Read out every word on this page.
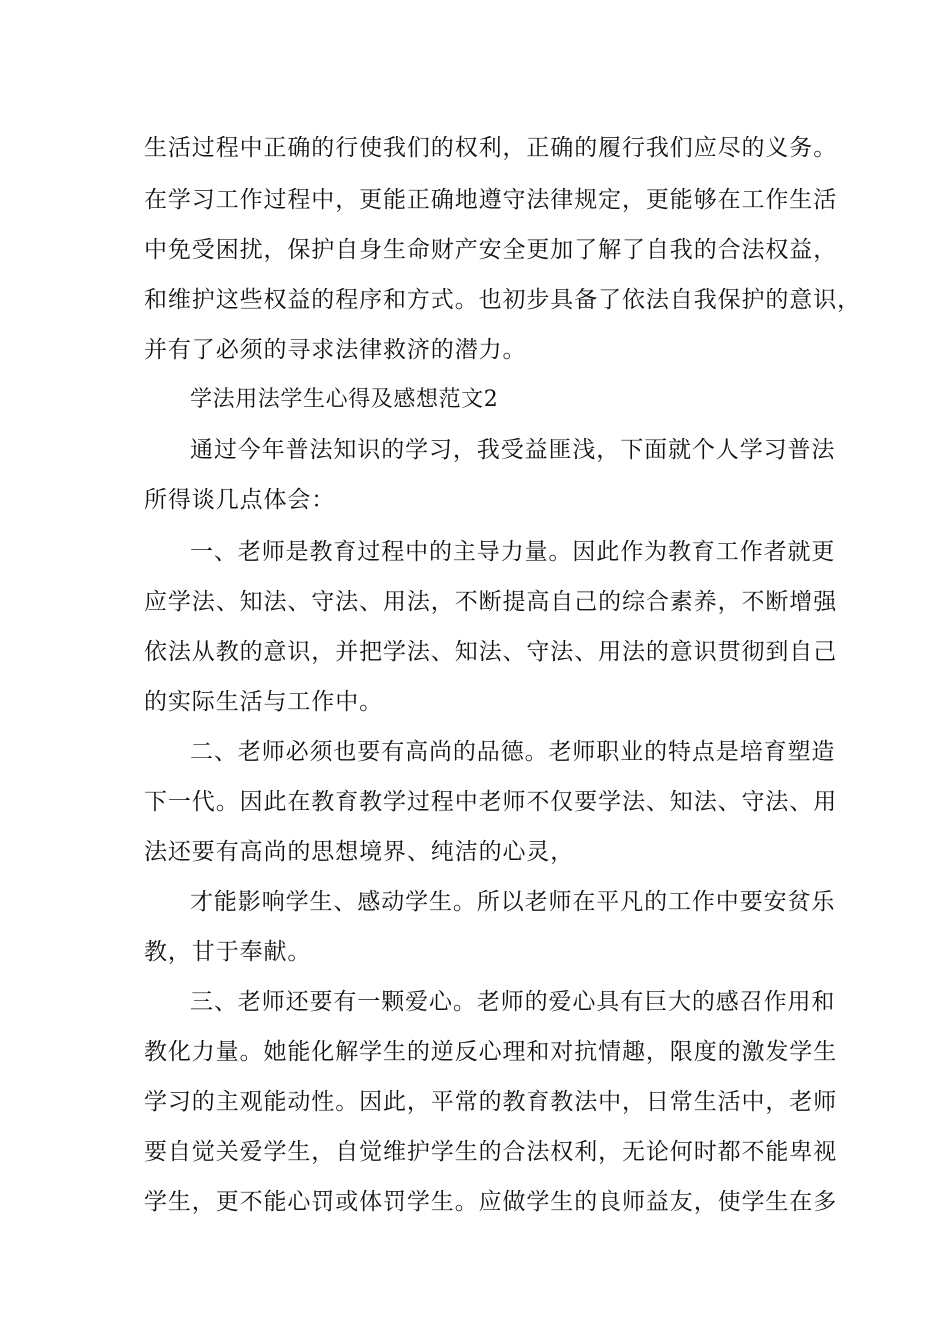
生活过程中正确的行使我们的权利，正确的履行我们应尽的义务。
在学习工作过程中，更能正确地遵守法律规定，更能够在工作生活
中免受困扰，保护自身生命财产安全更加了解了自我的合法权益，
和维护这些权益的程序和方式。也初步具备了依法自我保护的意识，
并有了必须的寻求法律救济的潜力。
学法用法学生心得及感想范文2
通过今年普法知识的学习，我受益匪浅，下面就个人学习普法
所得谈几点体会：
一、老师是教育过程中的主导力量。因此作为教育工作者就更
应学法、知法、守法、用法，不断提高自己的综合素养，不断增强
依法从教的意识，并把学法、知法、守法、用法的意识贯彻到自己
的实际生活与工作中。
二、老师必须也要有高尚的品德。老师职业的特点是培育塑造
下一代。因此在教育教学过程中老师不仅要学法、知法、守法、用
法还要有高尚的思想境界、纯洁的心灵，
才能影响学生、感动学生。所以老师在平凡的工作中要安贫乐
教，甘于奉献。
三、老师还要有一颗爱心。老师的爱心具有巨大的感召作用和
教化力量。她能化解学生的逆反心理和对抗情趣，限度的激发学生
学习的主观能动性。因此，平常的教育教法中，日常生活中，老师
要自觉关爱学生，自觉维护学生的合法权利，无论何时都不能卑视
学生，更不能心罚或体罚学生。应做学生的良师益友，使学生在多
